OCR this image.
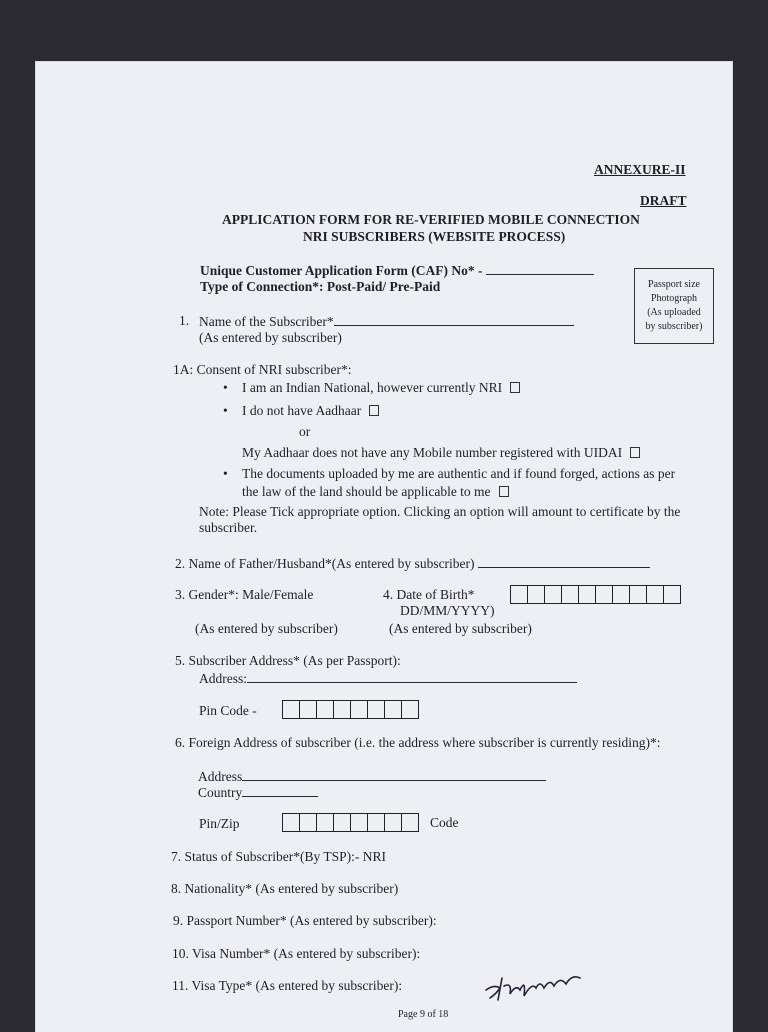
ANNEXURE-II
DRAFT
APPLICATION FORM FOR RE-VERIFIED MOBILE CONNECTION
NRI SUBSCRIBERS (WEBSITE PROCESS)
Unique Customer Application Form (CAF) No* -
Type of Connection*: Post-Paid/ Pre-Paid	Passport size
Photograph
(As uploaded
by subscriber)
1. Name of the Subscriber*
(As entered by subscriber)
1A: Consent of NRI subscriber*:
• I am an Indian National, however currently NRI
• I do not have Aadhaar
or
My Aadhaar does not have any Mobile number registered with UIDAI
• The documents uploaded by me are authentic and if found forged, actions as per
the law of the land should be applicable to me
Note: Please Tick appropriate option. Clicking an option will amount to certificate by the
subscriber.
2. Name of Father/Husband*(As entered by subscriber)
3. Gender*: Male/Female	4. Date of Birth*
DD/MM/YYYY)
(As entered by subscriber)	(As entered by subscriber)
5. Subscriber Address* (As per Passport):
Address:
Pin Code -
6. Foreign Address of subscriber (i.e. the address where subscriber is currently residing)*:
Address
Country
Pin/Zip	Code
7. Status of Subscriber*(By TSP):- NRI
8. Nationality* (As entered by subscriber)
9. Passport Number* (As entered by subscriber):
10. Visa Number* (As entered by subscriber):
11. Visa Type* (As entered by subscriber):
Page 9 of 18
